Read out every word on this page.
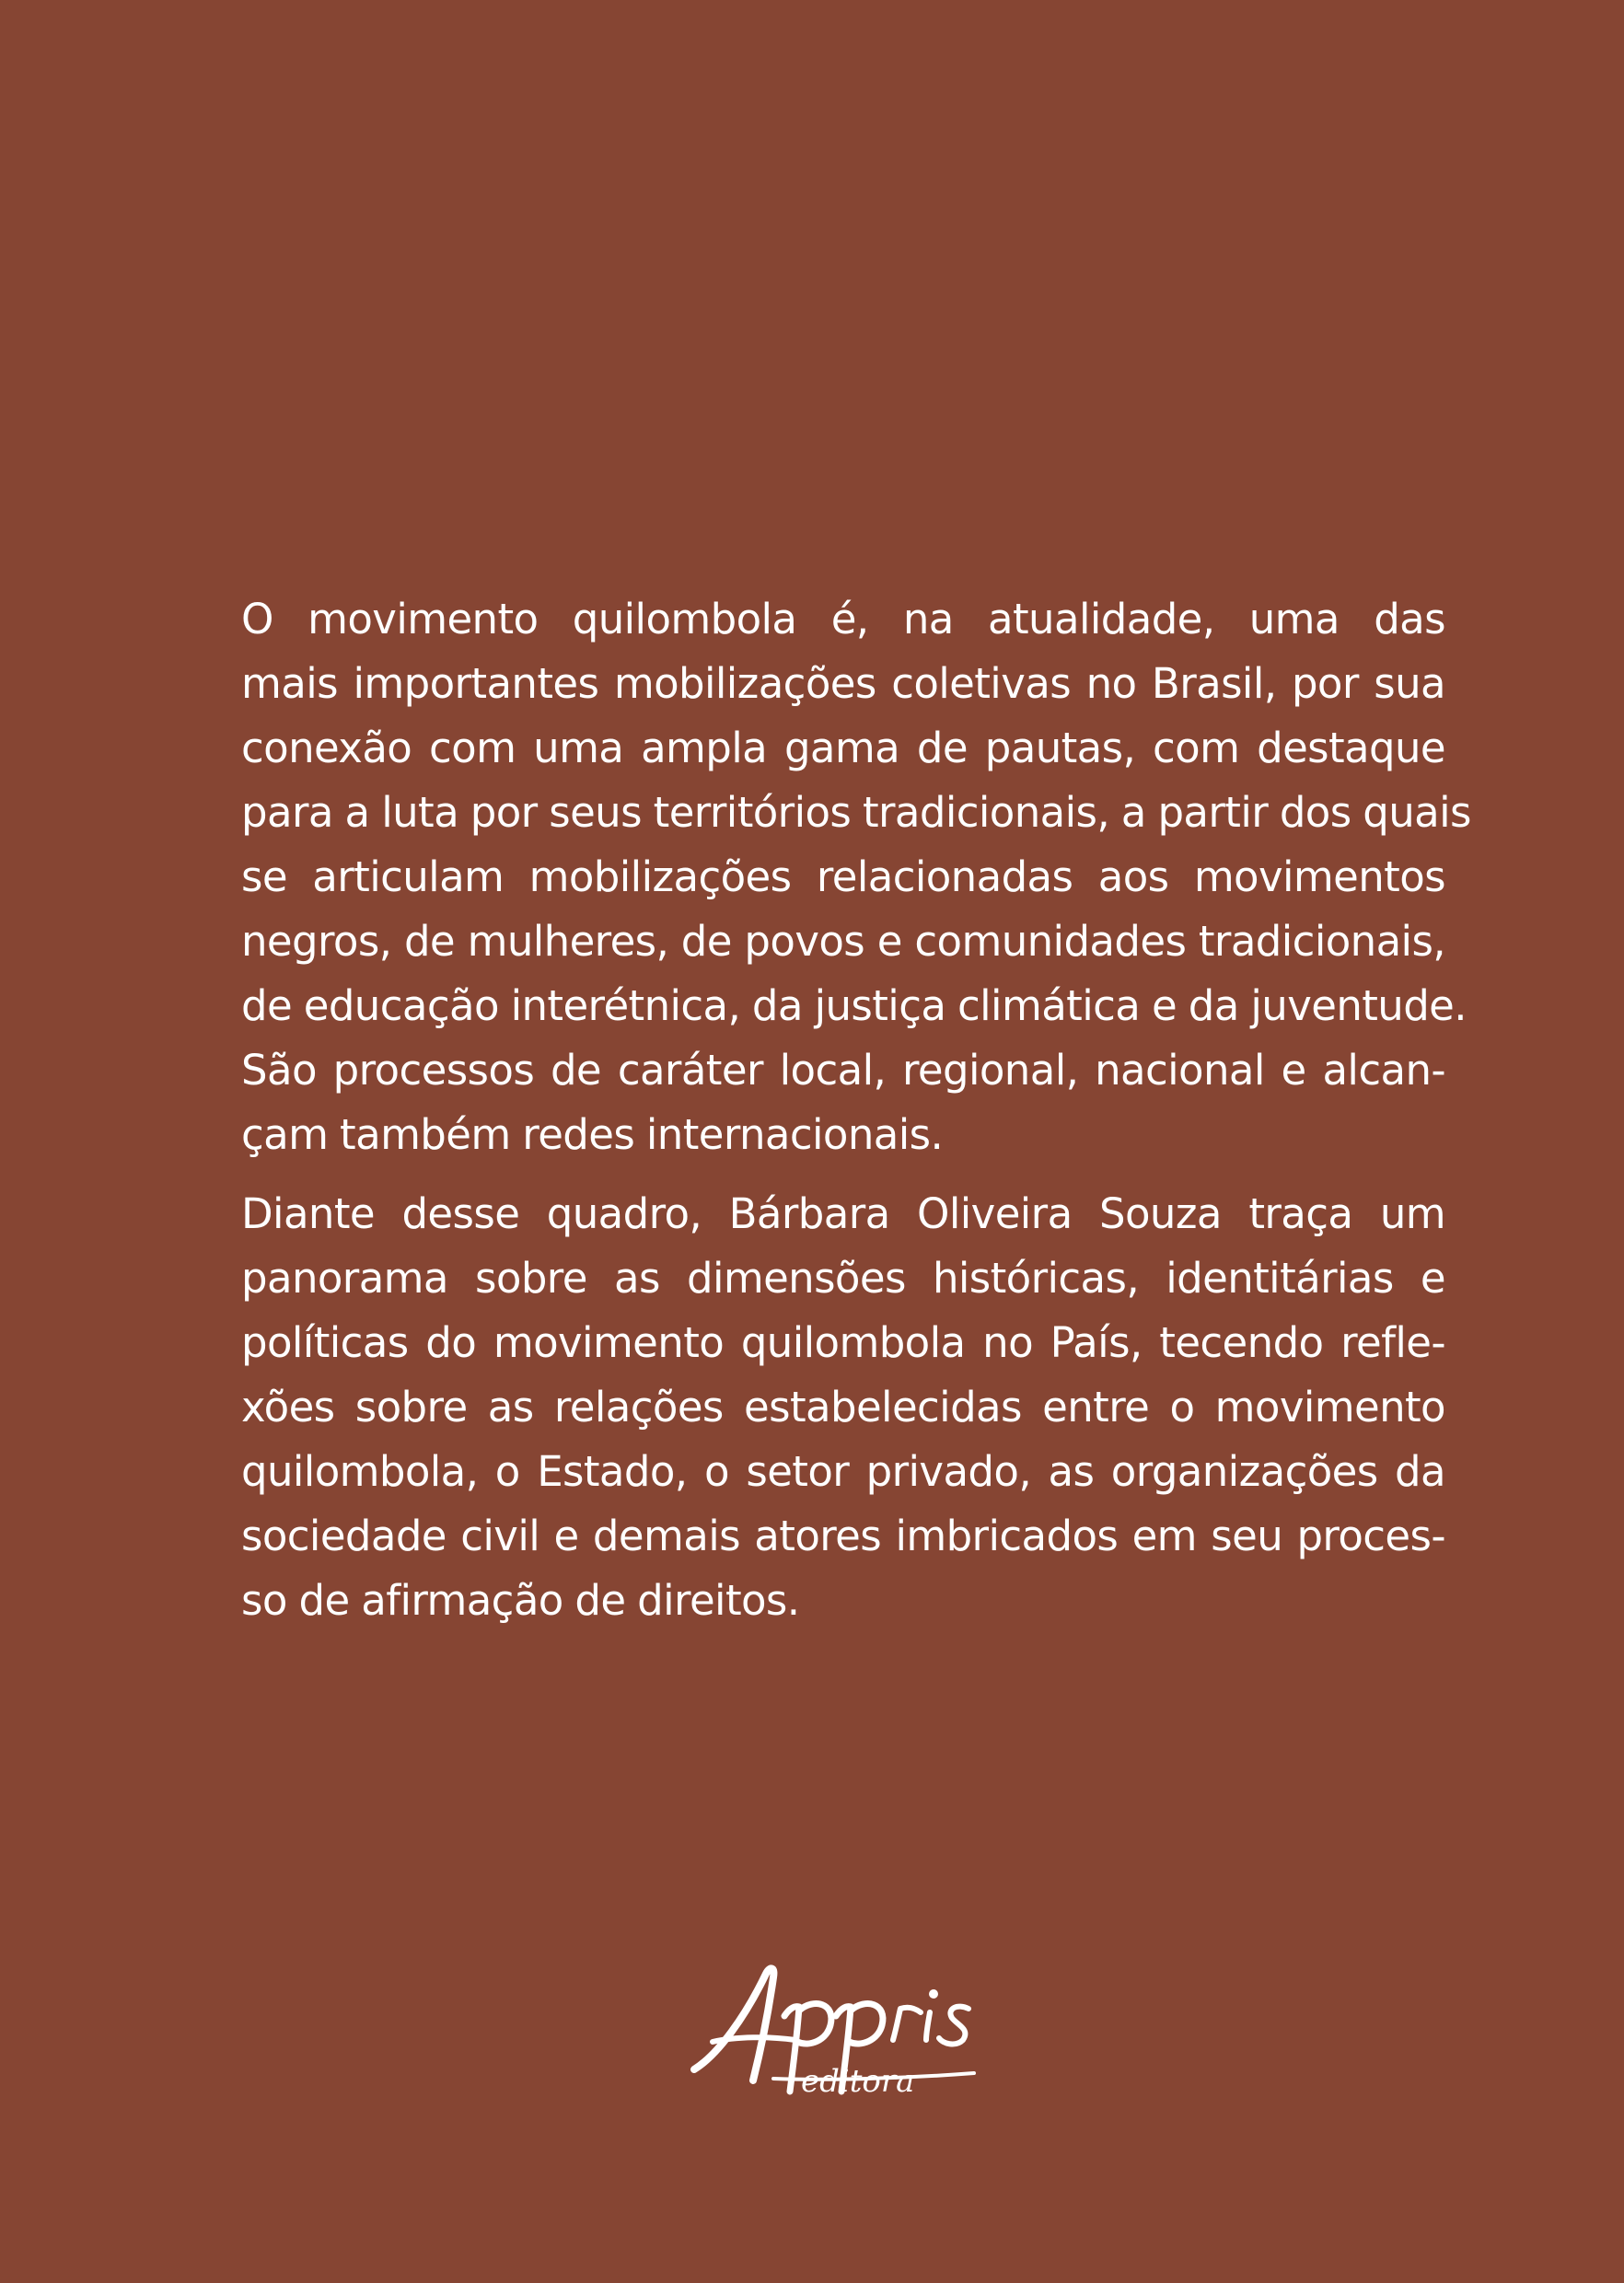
O movimento quilombola é, na atualidade, uma das
mais importantes mobilizações coletivas no Brasil, por sua
conexão com uma ampla gama de pautas, com destaque
para a luta por seus territórios tradicionais, a partir dos quais
se articulam mobilizações relacionadas aos movimentos
negros, de mulheres, de povos e comunidades tradicionais,
de educação interétnica, da justiça climática e da juventude.
São processos de caráter local, regional, nacional e alcan-
çam também redes internacionais.

Diante desse quadro, Bárbara Oliveira Souza traça um
panorama sobre as dimensões históricas, identitárias e
políticas do movimento quilombola no País, tecendo refle-
xões sobre as relações estabelecidas entre o movimento
quilombola, o Estado, o setor privado, as organizações da
sociedade civil e demais atores imbricados em seu proces-
so de afirmação de direitos.

editora
